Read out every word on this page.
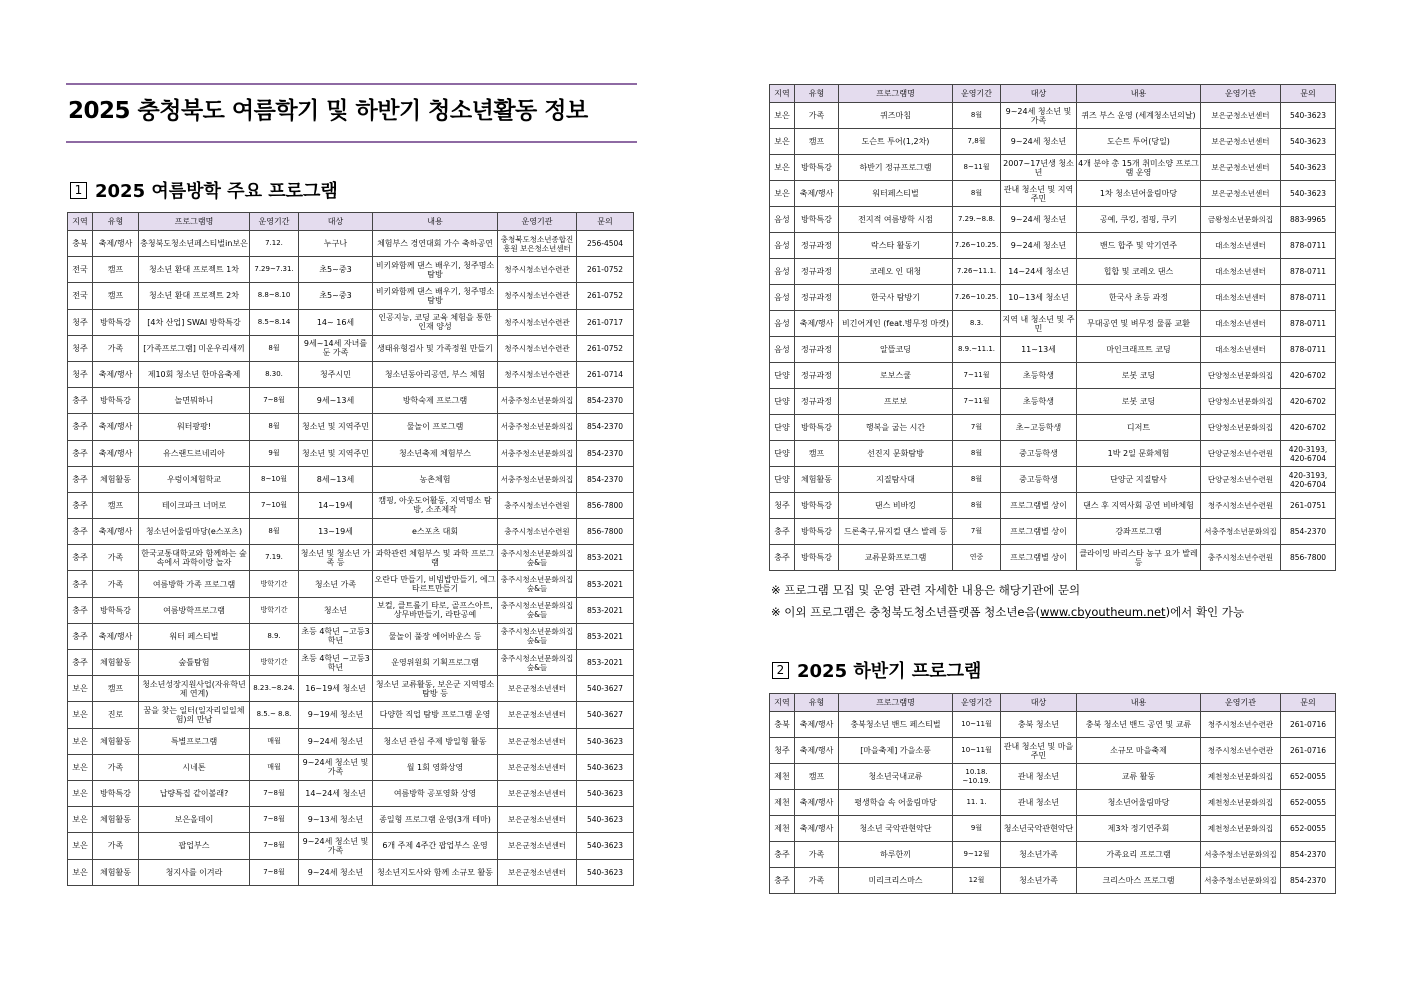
2025 충청북도 여름학기 및 하반기 청소년활동 정보
1 2025 여름방학 주요 프로그램
지역	유형	프로그램명	운영기간	대상	내용	운영기관	문의
충북	축제/행사	충청북도청소년페스티벌in보은	7.12.	누구나	체험부스 경연대회 가수 축하공연	충청북도청소년종합진흥원 보은청소년센터	256-4504
전국	캠프	청소년 환대 프로젝트 1차	7.29~7.31.	초5~중3	비키와함께 댄스 배우기, 청주명소 탐방	청주시청소년수련관	261-0752
전국	캠프	청소년 환대 프로젝트 2차	8.8~8.10	초5~중3	비키와함께 댄스 배우기, 청주명소 탐방	청주시청소년수련관	261-0752
청주	방학특강	[4차 산업] SWAI 방학특강	8.5~8.14	14~ 16세	인공지능, 코딩 교육 체험을 통한 인재 양성	청주시청소년수련관	261-0717
청주	가족	[가족프로그램] 미운우리새끼	8월	9세~14세 자녀를 둔 가족	생태유형검사 및 가족정원 만들기	청주시청소년수련관	261-0752
청주	축제/행사	제10회 청소년 한마음축제	8.30.	청주시민	청소년동아리공연, 부스 체험	청주시청소년수련관	261-0714
충주	방학특강	놀면뭐하니	7~8월	9세~13세	방학숙제 프로그램	서충주청소년문화의집	854-2370
충주	축제/행사	워터팡팡!	8월	청소년 및 지역주민	물놀이 프로그램	서충주청소년문화의집	854-2370
충주	축제/행사	유스랜드르네리아	9월	청소년 및 지역주민	청소년축제 체험부스	서충주청소년문화의집	854-2370
충주	체험활동	우렁이체험학교	8~10월	8세~13세	농촌체험	서충주청소년문화의집	854-2370
충주	캠프	테이크파크 너머로	7~10월	14~19세	캠핑, 아웃도어활동, 지역명소 탐방, 소조제작	충주시청소년수련원	856-7800
충주	축제/행사	청소년어울림마당(e스포츠)	8월	13~19세	e스포츠 대회	충주시청소년수련원	856-7800
충주	가족	한국교통대학교와 함께하는 숲속에서 과학이랑 놀자	7.19.	청소년 및 청소년 가족 등	과학관련 체험부스 및 과학 프로그램	충주시청소년문화의집 숲&들	853-2021
충주	가족	여름방학 가족 프로그램	방학기간	청소년 가족	오란다 만들기, 비빔밥만들기, 에그타르트만들기	충주시청소년문화의집 숲&들	853-2021
충주	방학특강	여름방학프로그램	방학기간	청소년	보컬, 클트롤기 타로, 골프스아트, 상무바만들기, 라탄공예	충주시청소년문화의집 숲&들	853-2021
충주	축제/행사	워터 페스티벌	8.9.	초등 4학년 ~고등3학년	물놀이 풀장 에어바운스 등	충주시청소년문화의집 숲&들	853-2021
충주	체험활동	숲틀탐험	방학기간	초등 4학년 ~고등3학년	운영위원회 기획프로그램	충주시청소년문화의집 숲&들	853-2021
보은	캠프	청소년성장지원사업(자유학년제 연계)	8.23.~8.24.	16~19세 청소년	청소년 교류활동, 보은군 지역명소 탐방 등	보은군청소년센터	540-3627
보은	진로	꿈을 찾는 일터(일자리일일체험)의 만남	8.5.~ 8.8.	9~19세 청소년	다양한 직업 탐방 프로그램 운영	보은군청소년센터	540-3627
보은	체험활동	특별프로그램	매월	9~24세 청소년	청소년 관심 주제 방일형 활동	보은군청소년센터	540-3623
보은	가족	시네톤	매월	9~24세 청소년 및 가족	월 1회 영화상영	보은군청소년센터	540-3623
보은	방학특강	납량특집 같이볼래?	7~8월	14~24세 청소년	여름방학 공포영화 상영	보은군청소년센터	540-3623
보은	체험활동	보은올데이	7~8월	9~13세 청소년	종일형 프로그램 운영(3개 테마)	보은군청소년센터	540-3623
보은	가족	팝업부스	7~8월	9~24세 청소년 및 가족	6개 주제 4주간 팝업부스 운영	보은군청소년센터	540-3623
보은	체험활동	청지사를 이겨라	7~8월	9~24세 청소년	청소년지도사와 함께 소규모 활동	보은군청소년센터	540-3623
지역	유형	프로그램명	운영기간	대상	내용	운영기관	문의
보은	가족	퀴즈마침	8월	9~24세 청소년 및 가족	퀴즈 부스 운영 (세계청소년의날)	보은군청소년센터	540-3623
보은	캠프	도슨트 투어(1,2차)	7,8월	9~24세 청소년	도슨트 투어(당일)	보은군청소년센터	540-3623
보은	방학특강	하반기 정규프로그램	8~11월	2007~17년생 청소년	4개 분야 총 15개 취미소양 프로그램 운영	보은군청소년센터	540-3623
보은	축제/행사	워터페스티벌	8월	관내 청소년 및 지역주민	1차 청소년어울림마당	보은군청소년센터	540-3623
음성	방학특강	전지적 여름방학 시점	7.29.~8.8.	9~24세 청소년	공예, 쿠킹, 점핑, 쿠키	금왕청소년문화의집	883-9965
음성	정규과정	락스타 활동기	7.26~10.25.	9~24세 청소년	밴드 합주 및 악기연주	대소청소년센터	878-0711
음성	정규과정	코레오 인 대청	7.26~11.1.	14~24세 청소년	힙합 및 코레오 댄스	대소청소년센터	878-0711
음성	정규과정	한국사 탐방기	7.26~10.25.	10~13세 청소년	한국사 초등 과정	대소청소년센터	878-0711
음성	축제/행사	비긴어게인 (feat.병무정 마켓)	8.3.	지역 내 청소년 및 주민	무대공연 및 벼무정 물품 교환	대소청소년센터	878-0711
음성	정규과정	알뜰코딩	8.9.~11.1.	11~13세	마인크래프트 코딩	대소청소년센터	878-0711
단양	정규과정	로보스쿨	7~11월	초등학생	로봇 코딩	단양청소년문화의집	420-6702
단양	정규과정	프로보	7~11월	초등학생	로봇 코딩	단양청소년문화의집	420-6702
단양	방학특강	행복을 굽는 시간	7월	초~고등학생	디저트	단양청소년문화의집	420-6702
단양	캠프	선진지 문화탐방	8월	중고등학생	1박 2일 문화체험	단양군청소년수련원	420-3193, 420-6704
단양	체험활동	지질탐사대	8월	중고등학생	단양군 지질탐사	단양군청소년수련원	420-3193, 420-6704
청주	방학특강	댄스 비바킹	8월	프로그램별 상이	댄스 후 지역사회 공연 비바체험	청주시청소년수련원	261-0751
충주	방학특강	드론축구,뮤지컬 댄스 발레 등	7월	프로그램별 상이	강좌프로그램	서충주청소년문화의집	854-2370
충주	방학특강	교류문화프로그램	연중	프로그램별 상이	클라이밍 바리스타 농구 요가 발레 등	충주시청소년수련원	856-7800
※ 프로그램 모집 및 운영 관련 자세한 내용은 해당기관에 문의
※ 이외 프로그램은 충청북도청소년플랫폼 청소년e음(www.cbyoutheum.net)에서 확인 가능
2 2025 하반기 프로그램
지역	유형	프로그램명	운영기간	대상	내용	운영기관	문의
충북	축제/행사	충북청소년 밴드 페스티벌	10~11월	충북 청소년	충북 청소년 밴드 공연 및 교류	청주시청소년수련관	261-0716
청주	축제/행사	[마을축제] 가을소풍	10~11월	관내 청소년 및 마을주민	소규모 마을축제	청주시청소년수련관	261-0716
제천	캠프	청소년국내교류	10.18. ~10.19.	관내 청소년	교류 활동	제천청소년문화의집	652-0055
제천	축제/행사	평생학습 속 어울림마당	11. 1.	관내 청소년	청소년어울림마당	제천청소년문화의집	652-0055
제천	축제/행사	청소년 국악관현악단	9월	청소년국악관현악단	제3차 정기연주회	제천청소년문화의집	652-0055
충주	가족	하루한끼	9~12월	청소년가족	가족요리 프로그램	서충주청소년문화의집	854-2370
충주	가족	미리크리스마스	12월	청소년가족	크리스마스 프로그램	서충주청소년문화의집	854-2370
